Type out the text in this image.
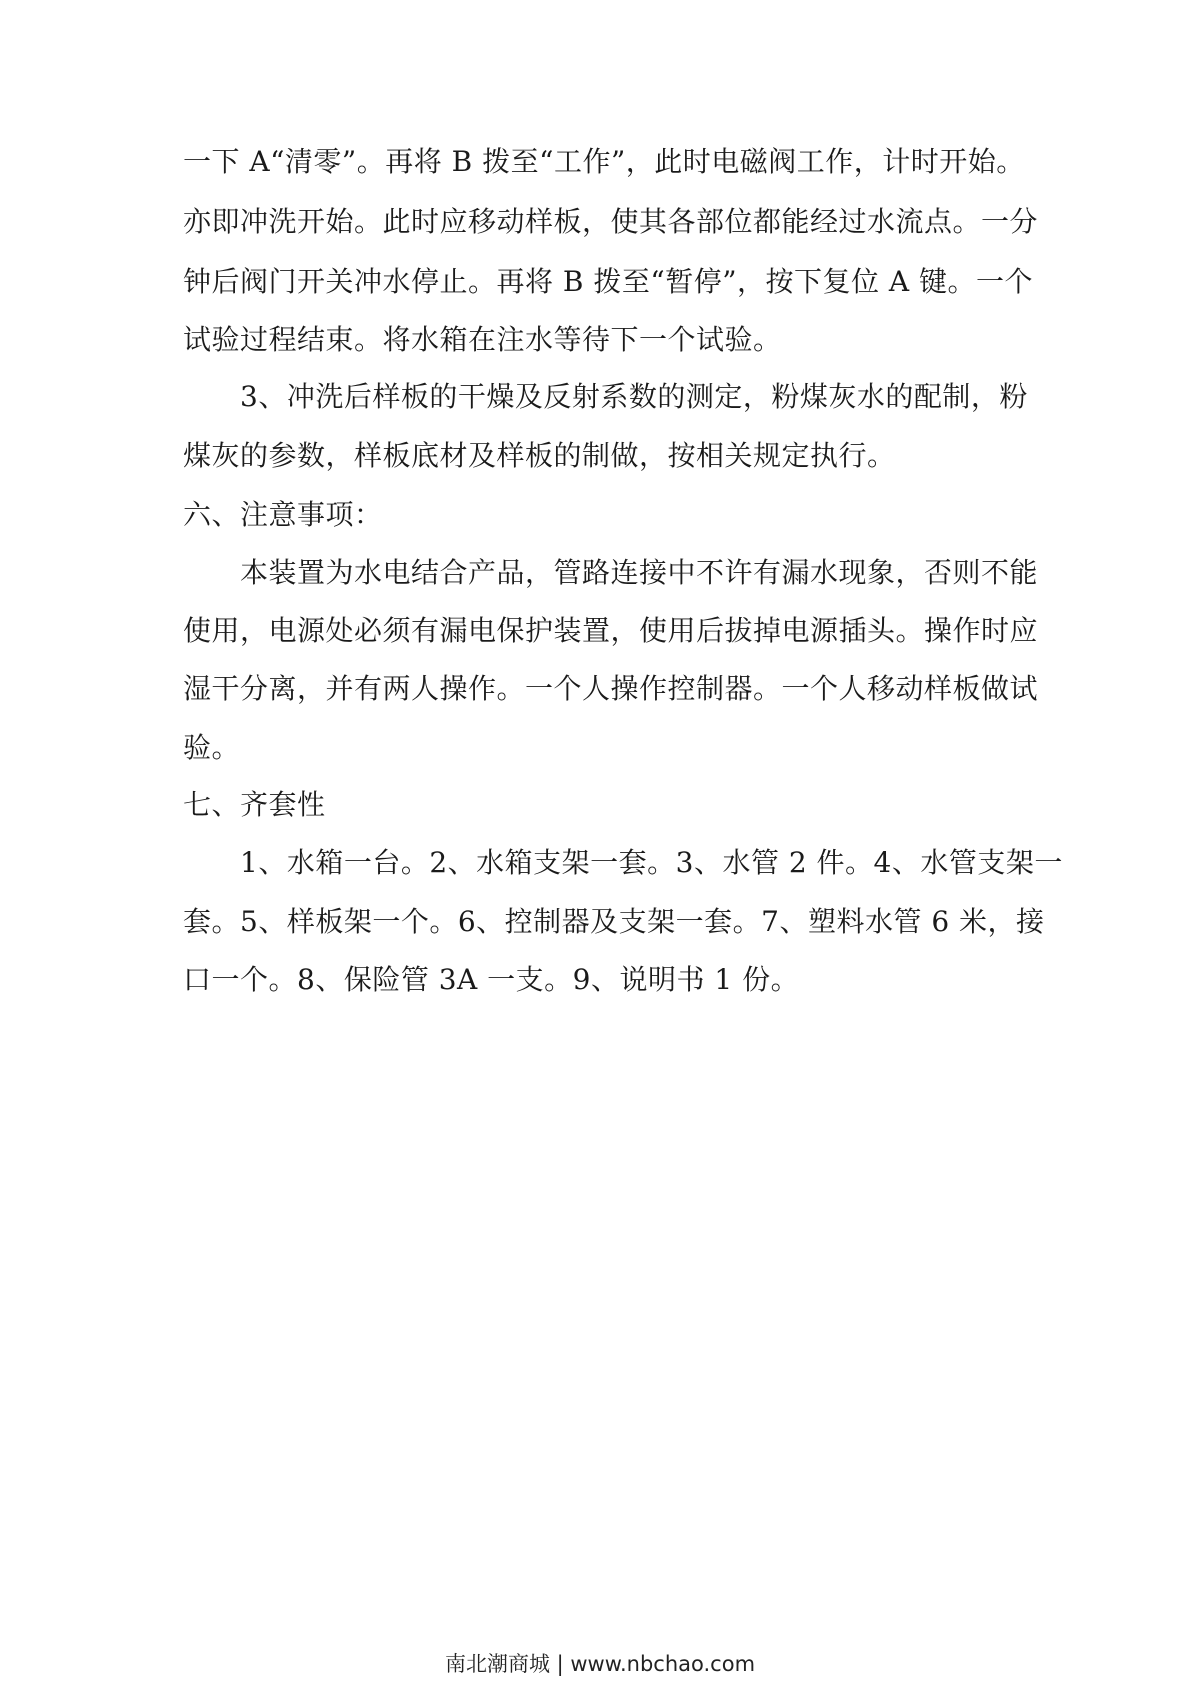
一下 A“清零”。再将 B 拨至“工作”，此时电磁阀工作，计时开始。
亦即冲洗开始。此时应移动样板，使其各部位都能经过水流点。一分
钟后阀门开关冲水停止。再将 B 拨至“暂停”，按下复位 A 键。一个
试验过程结束。将水箱在注水等待下一个试验。
3、冲洗后样板的干燥及反射系数的测定，粉煤灰水的配制，粉
煤灰的参数，样板底材及样板的制做，按相关规定执行。
六、注意事项：
本装置为水电结合产品，管路连接中不许有漏水现象，否则不能
使用，电源处必须有漏电保护装置，使用后拔掉电源插头。操作时应
湿干分离，并有两人操作。一个人操作控制器。一个人移动样板做试
验。
七、齐套性
1、水箱一台。2、水箱支架一套。3、水管 2 件。4、水管支架一
套。5、样板架一个。6、控制器及支架一套。7、塑料水管 6 米，接
口一个。8、保险管 3A 一支。9、说明书 1 份。
南北潮商城 | www.nbchao.com
